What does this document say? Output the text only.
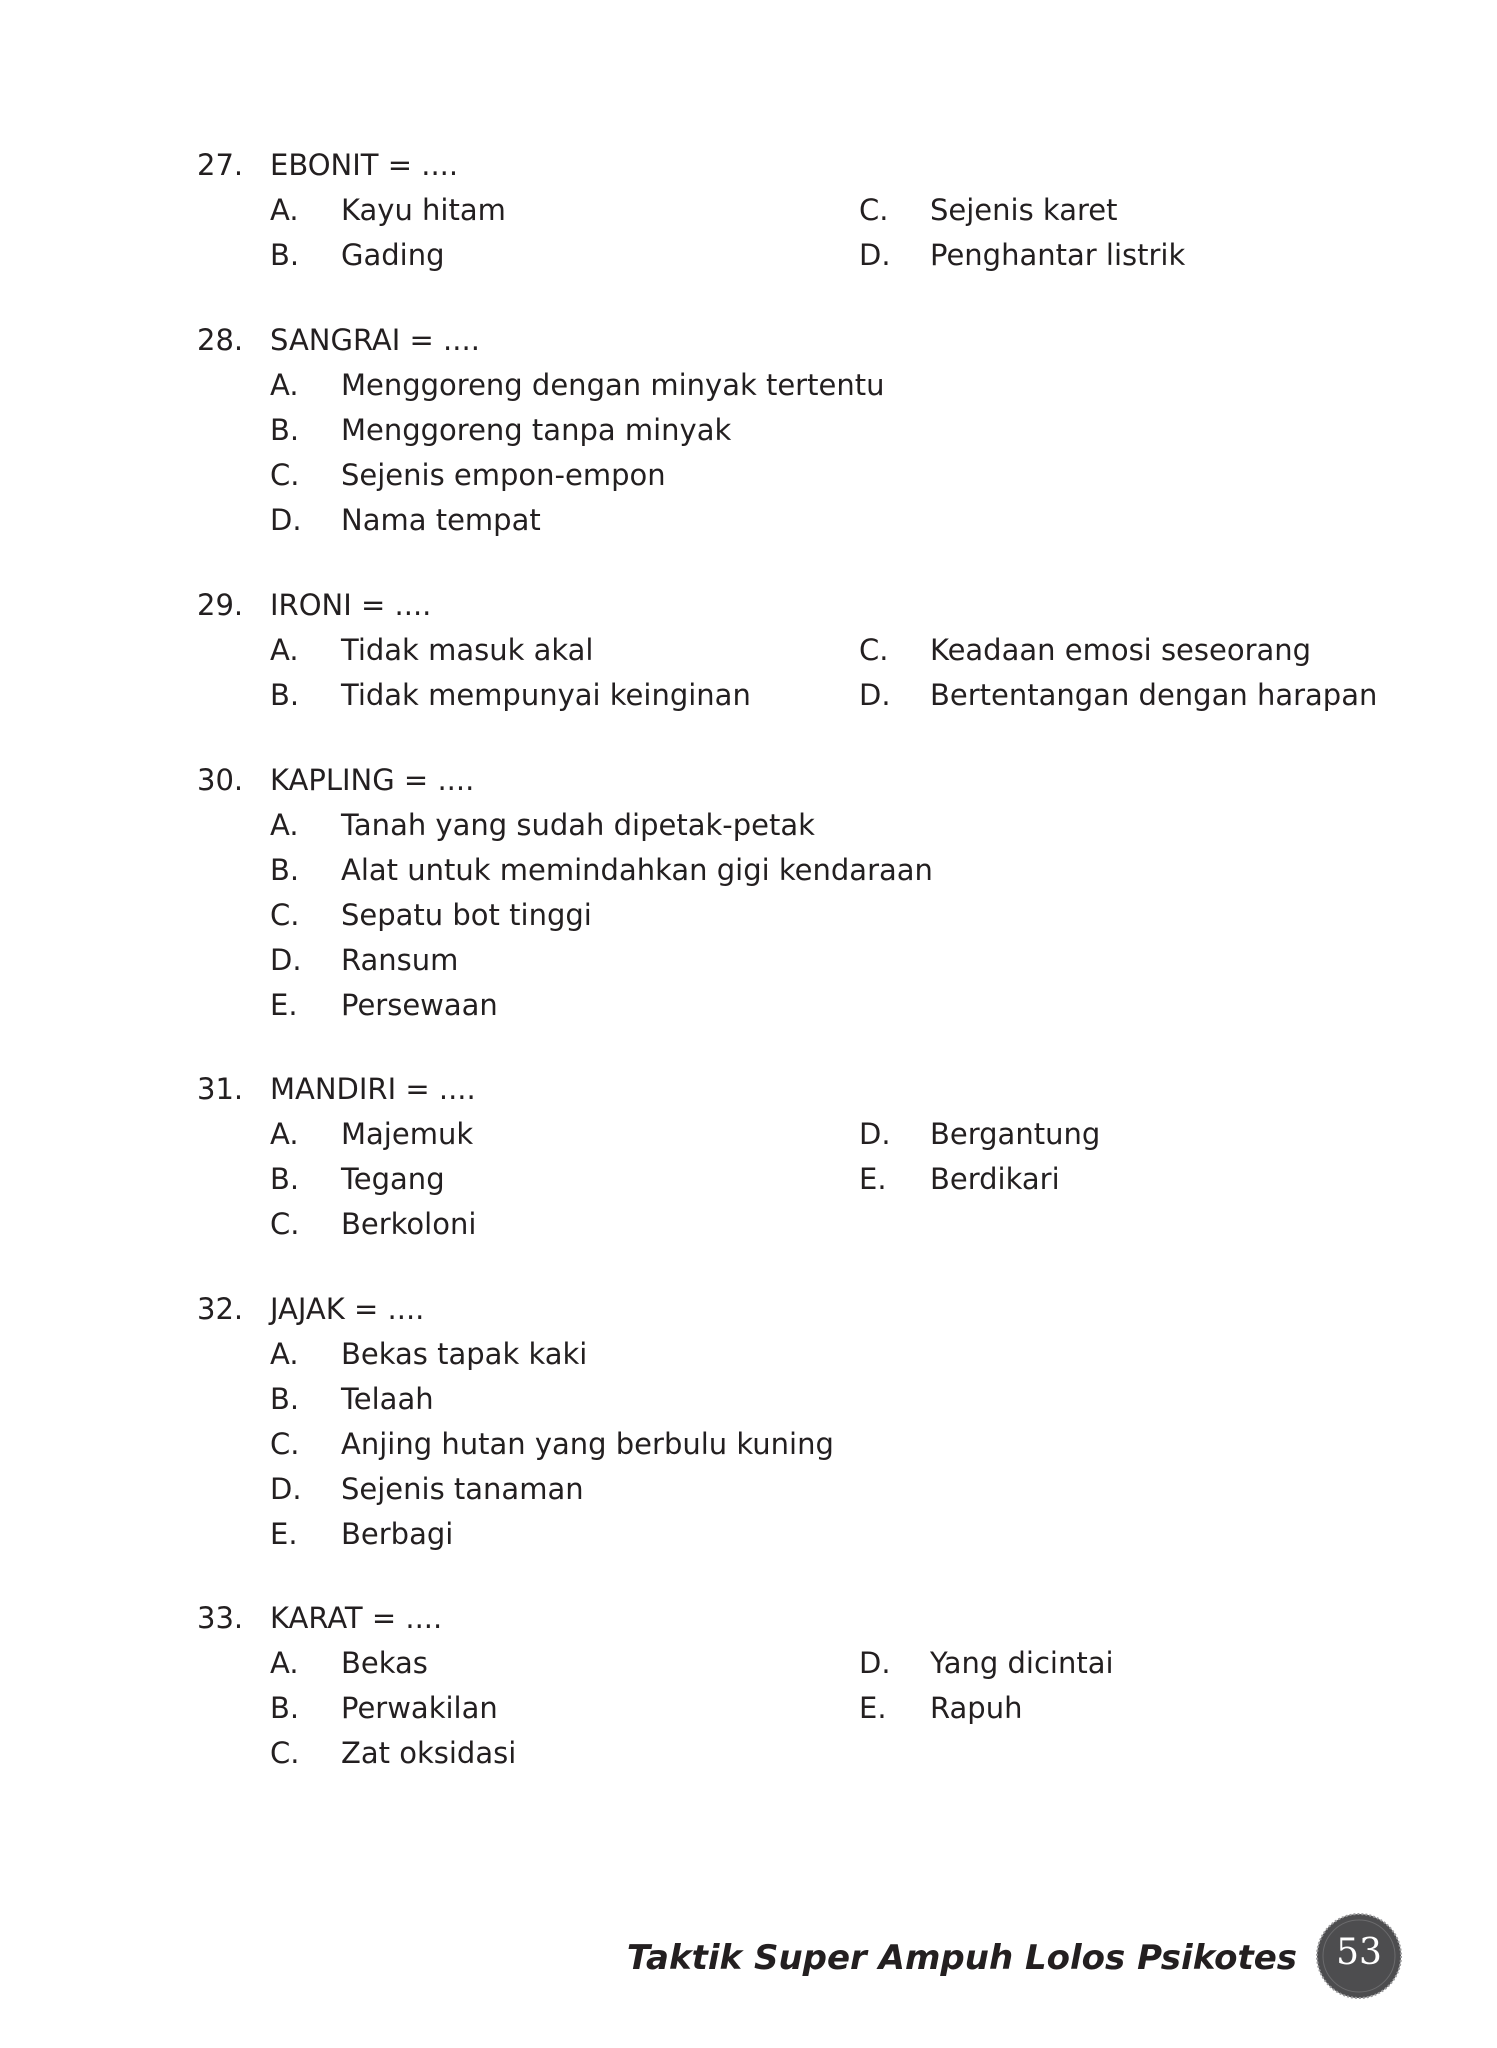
27. EBONIT = ....
A. Kayu hitam
B. Gading
C. Sejenis karet
D. Penghantar listrik
28. SANGRAI = ....
A. Menggoreng dengan minyak tertentu
B. Menggoreng tanpa minyak
C. Sejenis empon-empon
D. Nama tempat
29. IRONI = ....
A. Tidak masuk akal
B. Tidak mempunyai keinginan
C. Keadaan emosi seseorang
D. Bertentangan dengan harapan
30. KAPLING = ....
A. Tanah yang sudah dipetak-petak
B. Alat untuk memindahkan gigi kendaraan
C. Sepatu bot tinggi
D. Ransum
E. Persewaan
31. MANDIRI = ....
A. Majemuk
B. Tegang
C. Berkoloni
D. Bergantung
E. Berdikari
32. JAJAK = ....
A. Bekas tapak kaki
B. Telaah
C. Anjing hutan yang berbulu kuning
D. Sejenis tanaman
E. Berbagi
33. KARAT = ....
A. Bekas
B. Perwakilan
C. Zat oksidasi
D. Yang dicintai
E. Rapuh
Taktik Super Ampuh Lolos Psikotes	53
